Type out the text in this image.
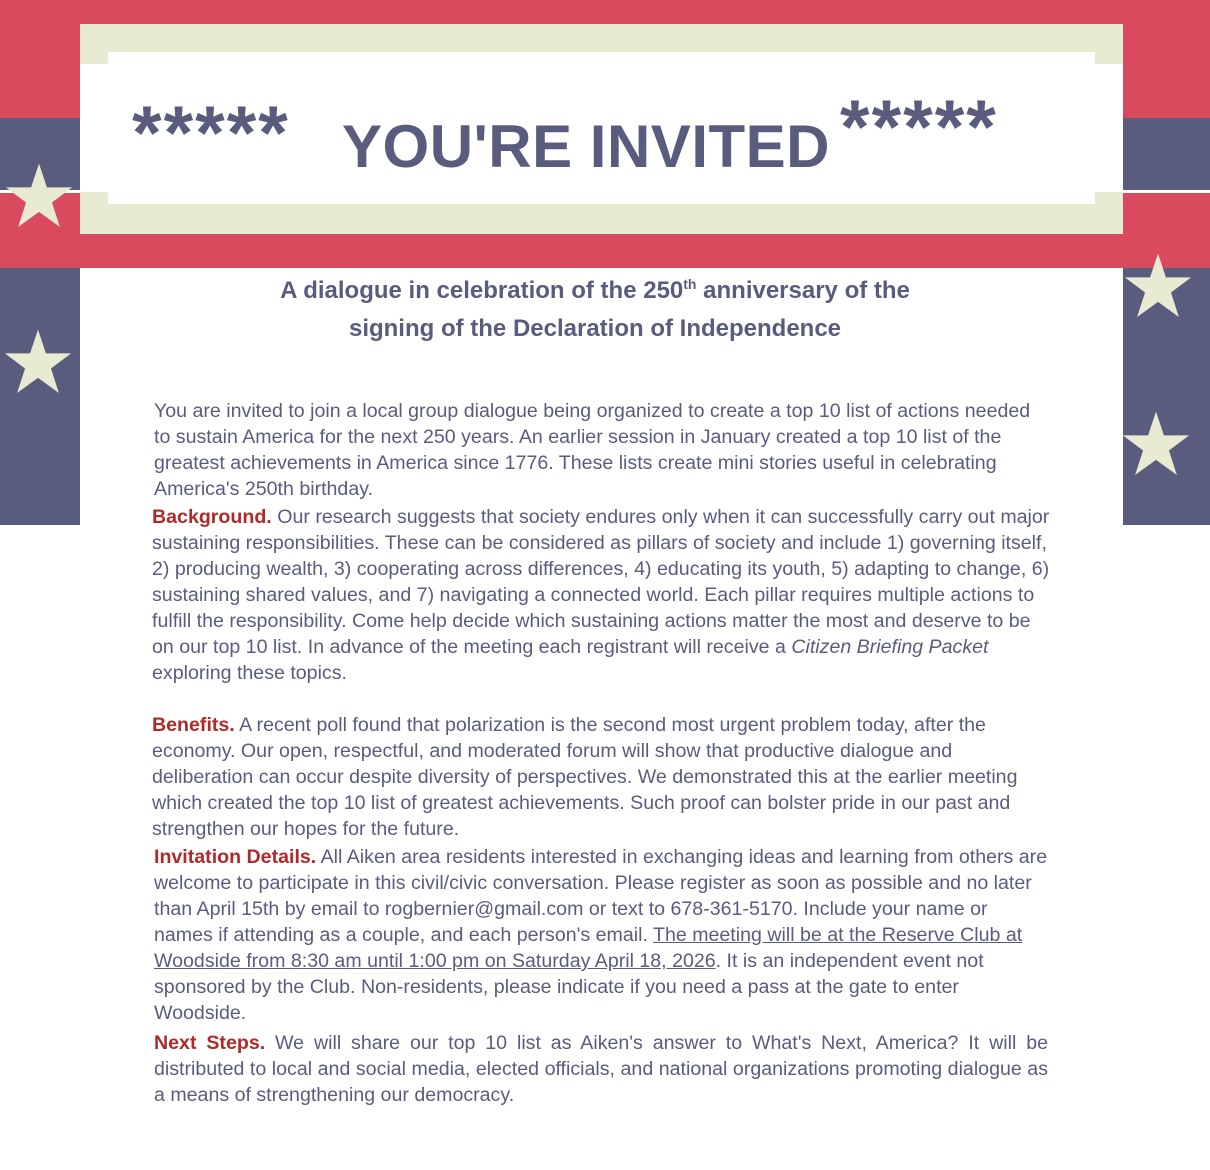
***** YOU'RE INVITED *****
A dialogue in celebration of the 250th anniversary of the
signing of the Declaration of Independence

You are invited to join a local group dialogue being organized to create a top 10 list of actions needed to sustain America for the next 250 years. An earlier session in January created a top 10 list of the greatest achievements in America since 1776. These lists create mini stories useful in celebrating America's 250th birthday.

Background. Our research suggests that society endures only when it can successfully carry out major sustaining responsibilities. These can be considered as pillars of society and include 1) governing itself, 2) producing wealth, 3) cooperating across differences, 4) educating its youth, 5) adapting to change, 6) sustaining shared values, and 7) navigating a connected world. Each pillar requires multiple actions to fulfill the responsibility. Come help decide which sustaining actions matter the most and deserve to be on our top 10 list. In advance of the meeting each registrant will receive a Citizen Briefing Packet exploring these topics.

Benefits. A recent poll found that polarization is the second most urgent problem today, after the economy. Our open, respectful, and moderated forum will show that productive dialogue and deliberation can occur despite diversity of perspectives. We demonstrated this at the earlier meeting which created the top 10 list of greatest achievements. Such proof can bolster pride in our past and strengthen our hopes for the future.

Invitation Details. All Aiken area residents interested in exchanging ideas and learning from others are welcome to participate in this civil/civic conversation. Please register as soon as possible and no later than April 15th by email to rogbernier@gmail.com or text to 678-361-5170. Include your name or names if attending as a couple, and each person's email. The meeting will be at the Reserve Club at Woodside from 8:30 am until 1:00 pm on Saturday April 18, 2026. It is an independent event not sponsored by the Club. Non-residents, please indicate if you need a pass at the gate to enter Woodside.

Next Steps. We will share our top 10 list as Aiken's answer to What's Next, America? It will be distributed to local and social media, elected officials, and national organizations promoting dialogue as a means of strengthening our democracy.
